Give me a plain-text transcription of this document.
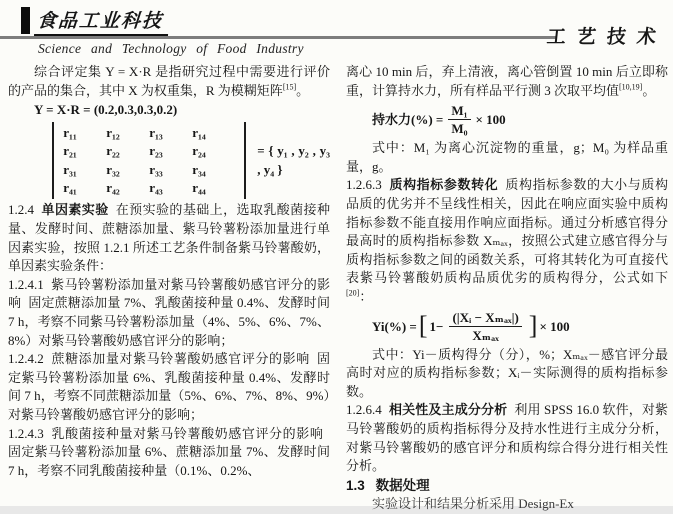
食品工业科技
工艺技术
Science and Technology of Food Industry

综合评定集 Y = X·R 是指研究过程中需要进行评价的产品的集合，其中 X 为权重集，R 为模糊矩阵[15]。

Y = X·R = (0.2,0.3,0.3,0.2)
r₁₁	r₁₂	r₁₃	r₁₄
r₂₁	r₂₂	r₂₃	r₂₄
r₃₁	r₃₂	r₃₃	r₃₄
r₄₁	r₄₂	r₄₃	r₄₄
= { y₁ , y₂ , y₃ , y₄ }

1.2.4 单因素实验 在预实验的基础上，选取乳酸菌接种量、发酵时间、蔗糖添加量、紫马铃薯粉添加量进行单因素实验，按照 1.2.1 所述工艺条件制备紫马铃薯酸奶，单因素实验条件：

1.2.4.1 紫马铃薯粉添加量对紫马铃薯酸奶感官评分的影响 固定蔗糖添加量 7%、乳酸菌接种量 0.4%、发酵时间 7 h，考察不同紫马铃薯粉添加量（4%、5%、6%、7%、8%）对紫马铃薯酸奶感官评分的影响；

1.2.4.2 蔗糖添加量对紫马铃薯酸奶感官评分的影响 固定紫马铃薯粉添加量 6%、乳酸菌接种量 0.4%、发酵时间 7 h，考察不同蔗糖添加量（5%、6%、7%、8%、9%）对紫马铃薯酸奶感官评分的影响；

1.2.4.3 乳酸菌接种量对紫马铃薯酸奶感官评分的影响固定紫马铃薯粉添加量 6%、蔗糖添加量 7%、发酵时间 7 h，考察不同乳酸菌接种量（0.1%、0.2%、

离心 10 min 后，弃上清液，离心管倒置 10 min 后立即称重，计算持水力，所有样品平行测 3 次取平均值[10,19]。

持水力(%) = $\frac{\text{M₁}}{\text{M₀}} \times 100$

式中：M₁ 为离心沉淀物的重量，g；M₀ 为样品重量，g。

1.2.6.3 质构指标参数转化 质构指标参数的大小与质构品质的优劣并不呈线性相关，因此在响应面实验中质构指标参数不能直接用作响应面指标。通过分析感官得分最高时的质构指标参数 Xₘₐₓ，按照公式建立感官得分与质构指标参数之间的函数关系，可将其转化为可直接代表紫马铃薯酸奶质构品质优劣的质构得分，公式如下[20]：

Yi(%) = [ $1- \frac{\text{(|Xᵢ − Xₘₐₓ|)}}{\text{Xₘₐₓ}}$ ] × 100

式中：Yi－质构得分（分），%；Xₘₐₓ－感官评分最高时对应的质构指标参数；Xᵢ－实际测得的质构指标参数。

1.2.6.4 相关性及主成分分析 利用 SPSS 16.0 软件，对紫马铃薯酸奶的质构指标得分及持水性进行主成分分析，对紫马铃薯酸奶的感官评分和质构综合得分进行相关性分析。

1.3 数据处理

实验设计和结果分析采用 Design-Ex
